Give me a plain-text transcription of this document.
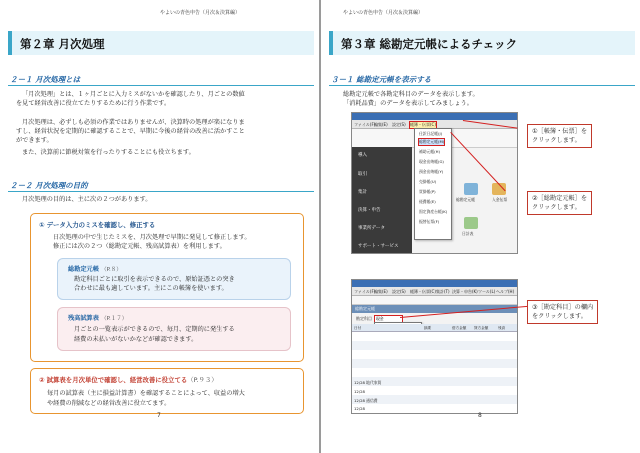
やよいの青色申告（月次＆決算編）
第２章 月次処理
２－１ 月次処理とは
「月次処理」とは、１ヶ月ごとに入力ミスがないかを確認したり、月ごとの数値
を見て経営改善に役立てたりするために行う作業です。
月次処理は、必ずしも必須の作業ではありませんが、決算時の処理が楽になりま
すし、経営状況を定期的に確認することで、早期に今後の経営の改善に活かすこと
ができます。
また、決算前に節税対策を行ったりすることにも役立ちます。
２－２ 月次処理の目的
月次処理の目的は、主に次の２つがあります。
① データ入力のミスを確認し、修正する
日次処理の中で生じたミスを、月次処理で早期に発見して修正します。
修正には次の２つ（総勘定元帳、残高試算表）を利用します。
総勘定元帳 （P.８）
勘定科目ごとに取引を表示できるので、原始証憑との突き
合わせに最も適しています。主にこの帳簿を使います。
残高試算表 （P.１７）
月ごとの一覧表示ができるので、毎月、定期的に発生する
経費の未払いがないかなどが確認できます。
② 試算表を月次単位で確認し、経営改善に役立てる（P.９３）
毎月の試算表（主に損益計算書）を確認することによって、収益の増大
や経費の削減などの経営改善に役立てます。
7
やよいの青色申告（月次＆決算編）
第３章 総勘定元帳によるチェック
３－１ 総勘定元帳を表示する
総勘定元帳で各勘定科目のデータを表示します。
「消耗品費」のデータを表示してみましょう。
ファイル(F)
編集(E) 設定(S) 帳簿・伝票(C)
導入
取引
集計
決算・申告
事業所データ
サポート・サービス
仕訳日記帳(J)
総勘定元帳(M)
補助元帳(H)
現金出納帳(G)
預金出納帳(Y)
売掛帳(U)
買掛帳(P)
経費帳(E)
固定資産台帳(K)
振替伝票(F)
総勘定元帳	入金伝票
日計表
①［帳簿・伝票］を
クリックします。
②［総勘定元帳］を
クリックします。
ファイル(F)
編集(E) 設定(S) 帳簿・伝票(C) 集計(T) 決算・申告(K) ツール(L) ヘルプ(H)
総勘定元帳
勘定科目	現金
日付	摘要	借方金額 貸方金額	残高
12/28 地代家賃
12/28
12/28 通信費
12/28
③［勘定科目］の欄内
をクリックします。
8
